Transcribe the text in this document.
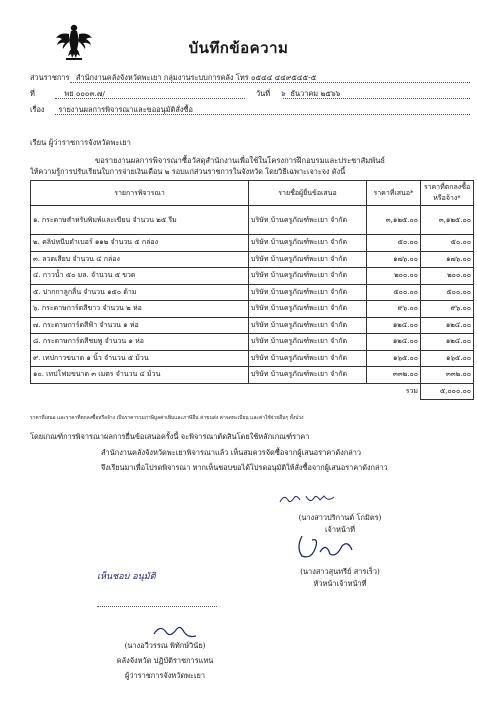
บันทึกข้อความ
ส่วนราชการ สำนักงานคลังจังหวัดพะเยา กลุ่มงานระบบการคลัง โทร ๐๕๔๔ ๔๔๙๕๔๕-๕
ที่	พย ๐๐๐๓.๗/	วันที่ ๖ ธันวาคม ๒๕๖๖
เรื่อง รายงานผลการพิจารณาและขออนุมัติสั่งซื้อ
เรียน ผู้ว่าราชการจังหวัดพะเยา
ขอรายงานผลการพิจารณาซื้อวัสดุสำนักงานเพื่อใช้ในโครงการฝึกอบรมและประชาสัมพันธ์
ให้ความรู้การปรับเรียนใบการจ่ายเงินเดือน ๒ รอบแก่ส่วนราชการในจังหวัด โดยวิธีเฉพาะเจาะจง ดังนี้
รายการพิจารณา	รายชื่อผู้ยื่นข้อเสนอ	ราคาที่เสนอ*	ราคาที่ตกลงซื้อหรือจ้าง*
๑. กระดาษสำหรับพิมพ์และเขียน จำนวน ๒๕ รีม	บริษัท บ้านครูภัณฑ์พะเยา จำกัด	๓,๑๒๕.๐๐	๓,๑๒๕.๐๐
๒. คลิปหนีบดำเบอร์ ๑๑๒ จำนวน ๕ กล่อง	บริษัท บ้านครูภัณฑ์พะเยา จำกัด	๕๐.๐๐	๕๐.๐๐
๓. ลวดเสียบ จำนวน ๔ กล่อง	บริษัท บ้านครูภัณฑ์พะเยา จำกัด	๑๗๖.๐๐	๑๗๖.๐๐
๔. กาวน้ำ ๕๐ มล. จำนวน ๕ ขวด	บริษัท บ้านครูภัณฑ์พะเยา จำกัด	๒๐๐.๐๐	๒๐๐.๐๐
๕. ปากกาลูกลื่น จำนวน ๑๕๐ ด้าม	บริษัท บ้านครูภัณฑ์พะเยา จำกัด	๕๐๐.๐๐	๕๐๐.๐๐
๖. กระดาษการ์ดสีขาว จำนวน ๒ ห่อ	บริษัท บ้านครูภัณฑ์พะเยา จำกัด	๙๖.๐๐	๙๖.๐๐
๗. กระดาษการ์ดสีฟ้า จำนวน ๑ ห่อ	บริษัท บ้านครูภัณฑ์พะเยา จำกัด	๑๒๔.๐๐	๑๒๔.๐๐
๘. กระดาษการ์ดสีชมพู จำนวน ๑ ห่อ	บริษัท บ้านครูภัณฑ์พะเยา จำกัด	๑๒๔.๐๐	๑๒๔.๐๐
๙. เทปกาวขนาด ๑ นิ้ว จำนวน ๕ ม้วน	บริษัท บ้านครูภัณฑ์พะเยา จำกัด	๑๖๕.๐๐	๑๖๕.๐๐
๑๐. เทปโฟมขนาด ๓ เมตร จำนวน ๔ ม้วน	บริษัท บ้านครูภัณฑ์พะเยา จำกัด	๓๓๒.๐๐	๓๓๒.๐๐
รวม			๕,๐๐๐.๐๐
ราคาที่เสนอ และราคาที่ตกลงซื้อหรือจ้าง เป็นราคารวมภาษีมูลค่าเพิ่มและภาษีอื่น ค่าขนส่ง ค่าจดทะเบียน และค่าใช้จ่ายอื่นๆ ทั้งปวง
โดยเกณฑ์การพิจารณาผลการยื่นข้อเสนอครั้งนี้ จะพิจารณาตัดสินโดยใช้หลักเกณฑ์ราคา
สำนักงานคลังจังหวัดพะเยาพิจารณาแล้ว เห็นสมควรจัดซื้อจากผู้เสนอราคาดังกล่าว
จึงเรียนมาเพื่อโปรดพิจารณา หากเห็นชอบขอได้โปรดอนุมัติให้สั่งซื้อจากผู้เสนอราคาดังกล่าว
(นางสาวปริกานต์ โกมิตร)
เจ้าหน้าที่
(นางสาวสุนทรีย์ สารเร็ว)
หัวหน้าเจ้าหน้าที่
เห็นชอบ อนุมัติ
(นางอวีวรรณ พิทักษ์วินัย)
คลังจังหวัด ปฏิบัติราชการแทน
ผู้ว่าราชการจังหวัดพะเยา
